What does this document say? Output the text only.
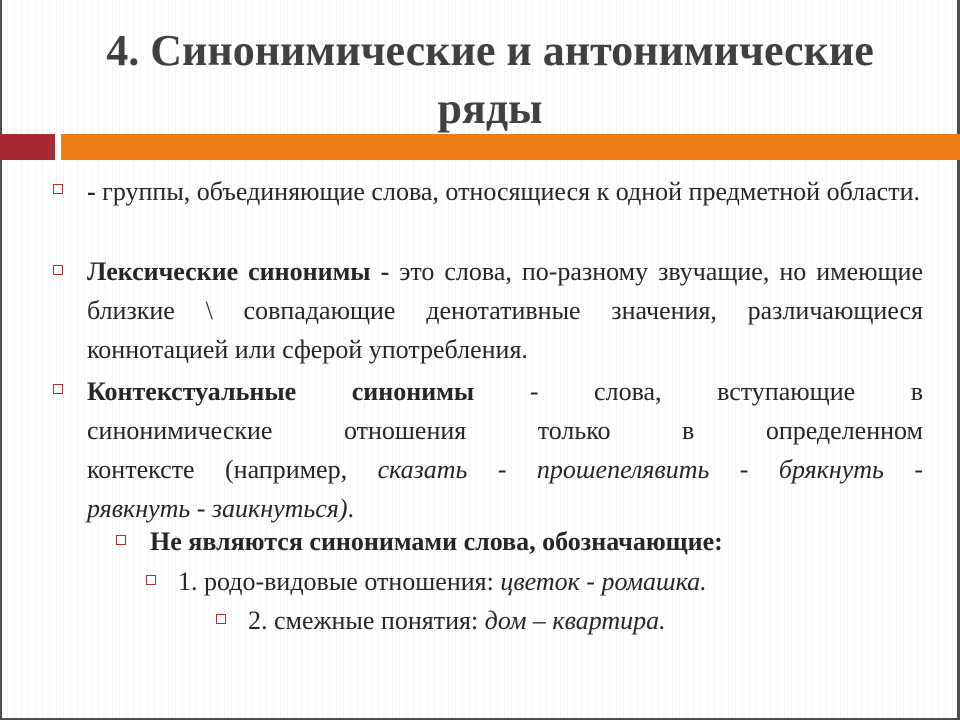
4. Синонимические и антонимические
ряды

- группы, объединяющие слова, относящиеся к одной предметной области.

Лексические синонимы - это слова, по-разному звучащие, но имеющие близкие \ совпадающие денотативные значения, различающиеся коннотацией или сферой употребления.

Контекстуальные синонимы - слова, вступающие в
синонимические отношения только в определенном
контексте (например, сказать - прошепелявить - брякнуть -
рявкнуть - заикнуться).

Не являются синонимами слова, обозначающие:

1. родо-видовые отношения: цветок - ромашка.

2. смежные понятия: дом – квартира.
